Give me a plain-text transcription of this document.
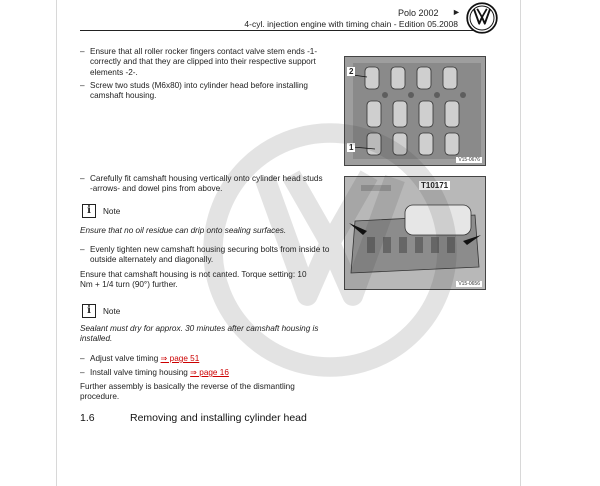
Polo 2002 ►
4-cyl. injection engine with timing chain - Edition 05.2008
– Ensure that all roller rocker fingers contact valve stem ends -1- correctly and that they are clipped into their respective support elements -2-.
– Screw two studs (M6x80) into cylinder head before installing camshaft housing.
2
1
V15-0676
– Carefully fit camshaft housing vertically onto cylinder head studs -arrows- and dowel pins from above.
i	Note
Ensure that no oil residue can drip onto sealing surfaces.
– Evenly tighten new camshaft housing securing bolts from inside to outside alternately and diagonally.
Ensure that camshaft housing is not canted. Torque setting: 10 Nm + 1/4 turn (90°) further.
T10171
V15-0656
i	Note
Sealant must dry for approx. 30 minutes after camshaft housing is installed.
– Adjust valve timing ⇒ page 51
– Install valve timing housing ⇒ page 16
Further assembly is basically the reverse of the dismantling procedure.
1.6	Removing and installing cylinder head
